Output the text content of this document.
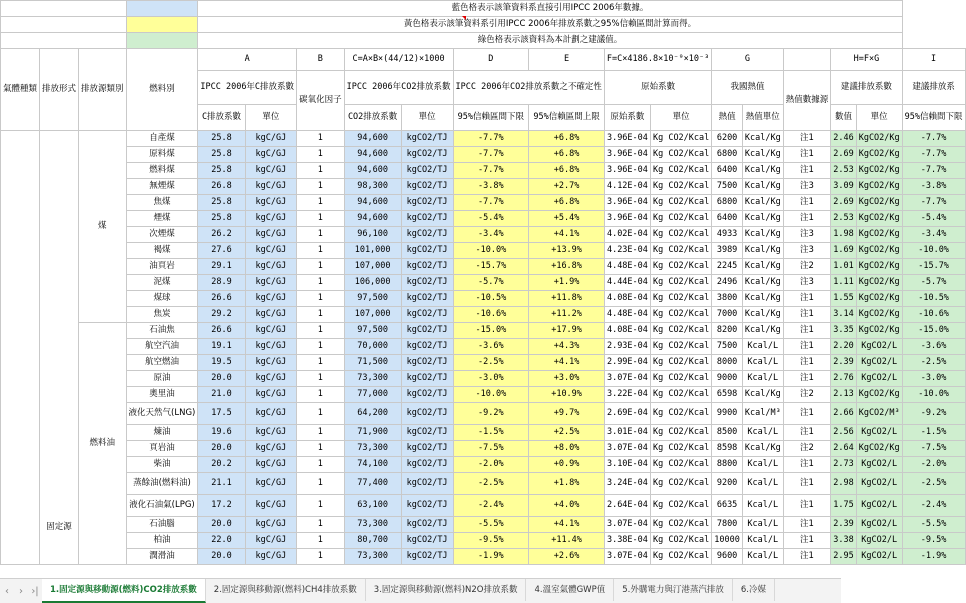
				藍色格表示該筆資料系直接引用IPCC 2006年數據。														
				黃色格表示該筆資料系引用IPCC 2006年排放系數之95%信賴區間計算而得。														
				綠色格表示該資料為本計劃之建議值。														
氣體種類	排放形式	排放源類別	燃料別	A		B	C=A×B×(44/12)×1000		D	E	F=C×4186.8×10⁻⁹×10⁻³		G			H=F×G		I
				IPCC 2006年C排放系數		碳氧化因子	IPCC 2006年CO2排放系數		IPCC 2006年CO2排放系數之不確定性		原始系數		我國熱值		熱值數據源	建議排放系數		建議排放系
				C排放系數	單位		CO2排放系數	單位	95%信賴區間下限	95%信賴區間上限	原始系數	單位	熱值	熱值單位		數值	單位	95%信賴間下限

	固定源	煤	自產煤	25.8	kgC/GJ	1	94,600	kgCO2/TJ	-7.7%	+6.8%	3.96E-04	Kg CO2/Kcal	6200	Kcal/Kg	注1	2.46	KgCO2/Kg	-7.7%
			原料煤	25.8	kgC/GJ	1	94,600	kgCO2/TJ	-7.7%	+6.8%	3.96E-04	Kg CO2/Kcal	6800	Kcal/Kg	注1	2.69	KgCO2/Kg	-7.7%
			燃料煤	25.8	kgC/GJ	1	94,600	kgCO2/TJ	-7.7%	+6.8%	3.96E-04	Kg CO2/Kcal	6400	Kcal/Kg	注1	2.53	KgCO2/Kg	-7.7%
			無煙煤	26.8	kgC/GJ	1	98,300	kgCO2/TJ	-3.8%	+2.7%	4.12E-04	Kg CO2/Kcal	7500	Kcal/Kg	注3	3.09	KgCO2/Kg	-3.8%
			焦煤	25.8	kgC/GJ	1	94,600	kgCO2/TJ	-7.7%	+6.8%	3.96E-04	Kg CO2/Kcal	6800	Kcal/Kg	注1	2.69	KgCO2/Kg	-7.7%
			煙煤	25.8	kgC/GJ	1	94,600	kgCO2/TJ	-5.4%	+5.4%	3.96E-04	Kg CO2/Kcal	6400	Kcal/Kg	注1	2.53	KgCO2/Kg	-5.4%
			次煙煤	26.2	kgC/GJ	1	96,100	kgCO2/TJ	-3.4%	+4.1%	4.02E-04	Kg CO2/Kcal	4933	Kcal/Kg	注3	1.98	KgCO2/Kg	-3.4%
			褐煤	27.6	kgC/GJ	1	101,000	kgCO2/TJ	-10.0%	+13.9%	4.23E-04	Kg CO2/Kcal	3989	Kcal/Kg	注3	1.69	KgCO2/Kg	-10.0%
			油頁岩	29.1	kgC/GJ	1	107,000	kgCO2/TJ	-15.7%	+16.8%	4.48E-04	Kg CO2/Kcal	2245	Kcal/Kg	注2	1.01	KgCO2/Kg	-15.7%
			泥煤	28.9	kgC/GJ	1	106,000	kgCO2/TJ	-5.7%	+1.9%	4.44E-04	Kg CO2/Kcal	2496	Kcal/Kg	注3	1.11	KgCO2/Kg	-5.7%
			煤球	26.6	kgC/GJ	1	97,500	kgCO2/TJ	-10.5%	+11.8%	4.08E-04	Kg CO2/Kcal	3800	Kcal/Kg	注1	1.55	KgCO2/Kg	-10.5%
			焦炭	29.2	kgC/GJ	1	107,000	kgCO2/TJ	-10.6%	+11.2%	4.48E-04	Kg CO2/Kcal	7000	Kcal/Kg	注1	3.14	KgCO2/Kg	-10.6%
		燃料油	石油焦	26.6	kgC/GJ	1	97,500	kgCO2/TJ	-15.0%	+17.9%	4.08E-04	Kg CO2/Kcal	8200	Kcal/Kg	注1	3.35	KgCO2/Kg	-15.0%
			航空汽油	19.1	kgC/GJ	1	70,000	kgCO2/TJ	-3.6%	+4.3%	2.93E-04	Kg CO2/Kcal	7500	Kcal/L	注1	2.20	KgCO2/L	-3.6%
			航空燃油	19.5	kgC/GJ	1	71,500	kgCO2/TJ	-2.5%	+4.1%	2.99E-04	Kg CO2/Kcal	8000	Kcal/L	注1	2.39	KgCO2/L	-2.5%
			原油	20.0	kgC/GJ	1	73,300	kgCO2/TJ	-3.0%	+3.0%	3.07E-04	Kg CO2/Kcal	9000	Kcal/L	注1	2.76	KgCO2/L	-3.0%
			奧里油	21.0	kgC/GJ	1	77,000	kgCO2/TJ	-10.0%	+10.9%	3.22E-04	Kg CO2/Kcal	6598	Kcal/Kg	注2	2.13	KgCO2/Kg	-10.0%
			液化天然气(LNG)	17.5	kgC/GJ	1	64,200	kgCO2/TJ	-9.2%	+9.7%	2.69E-04	Kg CO2/Kcal	9900	Kcal/M³	注1	2.66	KgCO2/M³	-9.2%
			煉油	19.6	kgC/GJ	1	71,900	kgCO2/TJ	-1.5%	+2.5%	3.01E-04	Kg CO2/Kcal	8500	Kcal/L	注1	2.56	KgCO2/L	-1.5%
			頁岩油	20.0	kgC/GJ	1	73,300	kgCO2/TJ	-7.5%	+8.0%	3.07E-04	Kg CO2/Kcal	8598	Kcal/Kg	注2	2.64	KgCO2/Kg	-7.5%
			柴油	20.2	kgC/GJ	1	74,100	kgCO2/TJ	-2.0%	+0.9%	3.10E-04	Kg CO2/Kcal	8800	Kcal/L	注1	2.73	KgCO2/L	-2.0%
			蒸餘油(燃料油)	21.1	kgC/GJ	1	77,400	kgCO2/TJ	-2.5%	+1.8%	3.24E-04	Kg CO2/Kcal	9200	Kcal/L	注1	2.98	KgCO2/L	-2.5%
			液化石油氣(LPG)	17.2	kgC/GJ	1	63,100	kgCO2/TJ	-2.4%	+4.0%	2.64E-04	Kg CO2/Kcal	6635	Kcal/L	注1	1.75	KgCO2/L	-2.4%
			石油腦	20.0	kgC/GJ	1	73,300	kgCO2/TJ	-5.5%	+4.1%	3.07E-04	Kg CO2/Kcal	7800	Kcal/L	注1	2.39	KgCO2/L	-5.5%
			柏油	22.0	kgC/GJ	1	80,700	kgCO2/TJ	-9.5%	+11.4%	3.38E-04	Kg CO2/Kcal	10000	Kcal/L	注1	3.38	KgCO2/L	-9.5%
			潤滑油	20.0	kgC/GJ	1	73,300	kgCO2/TJ	-1.9%	+2.6%	3.07E-04	Kg CO2/Kcal	9600	Kcal/L	注1	2.95	KgCO2/L	-1.9%
‹	› ›|	1.固定源與移動源(燃料)CO2排放系數	2.固定源與移動源(燃料)CH4排放系數	3.固定源與移動源(燃料)N2O排放系數	4.溫室氣體GWP值	5.外購電力與汀港蒸汽排放	6.冷媒
